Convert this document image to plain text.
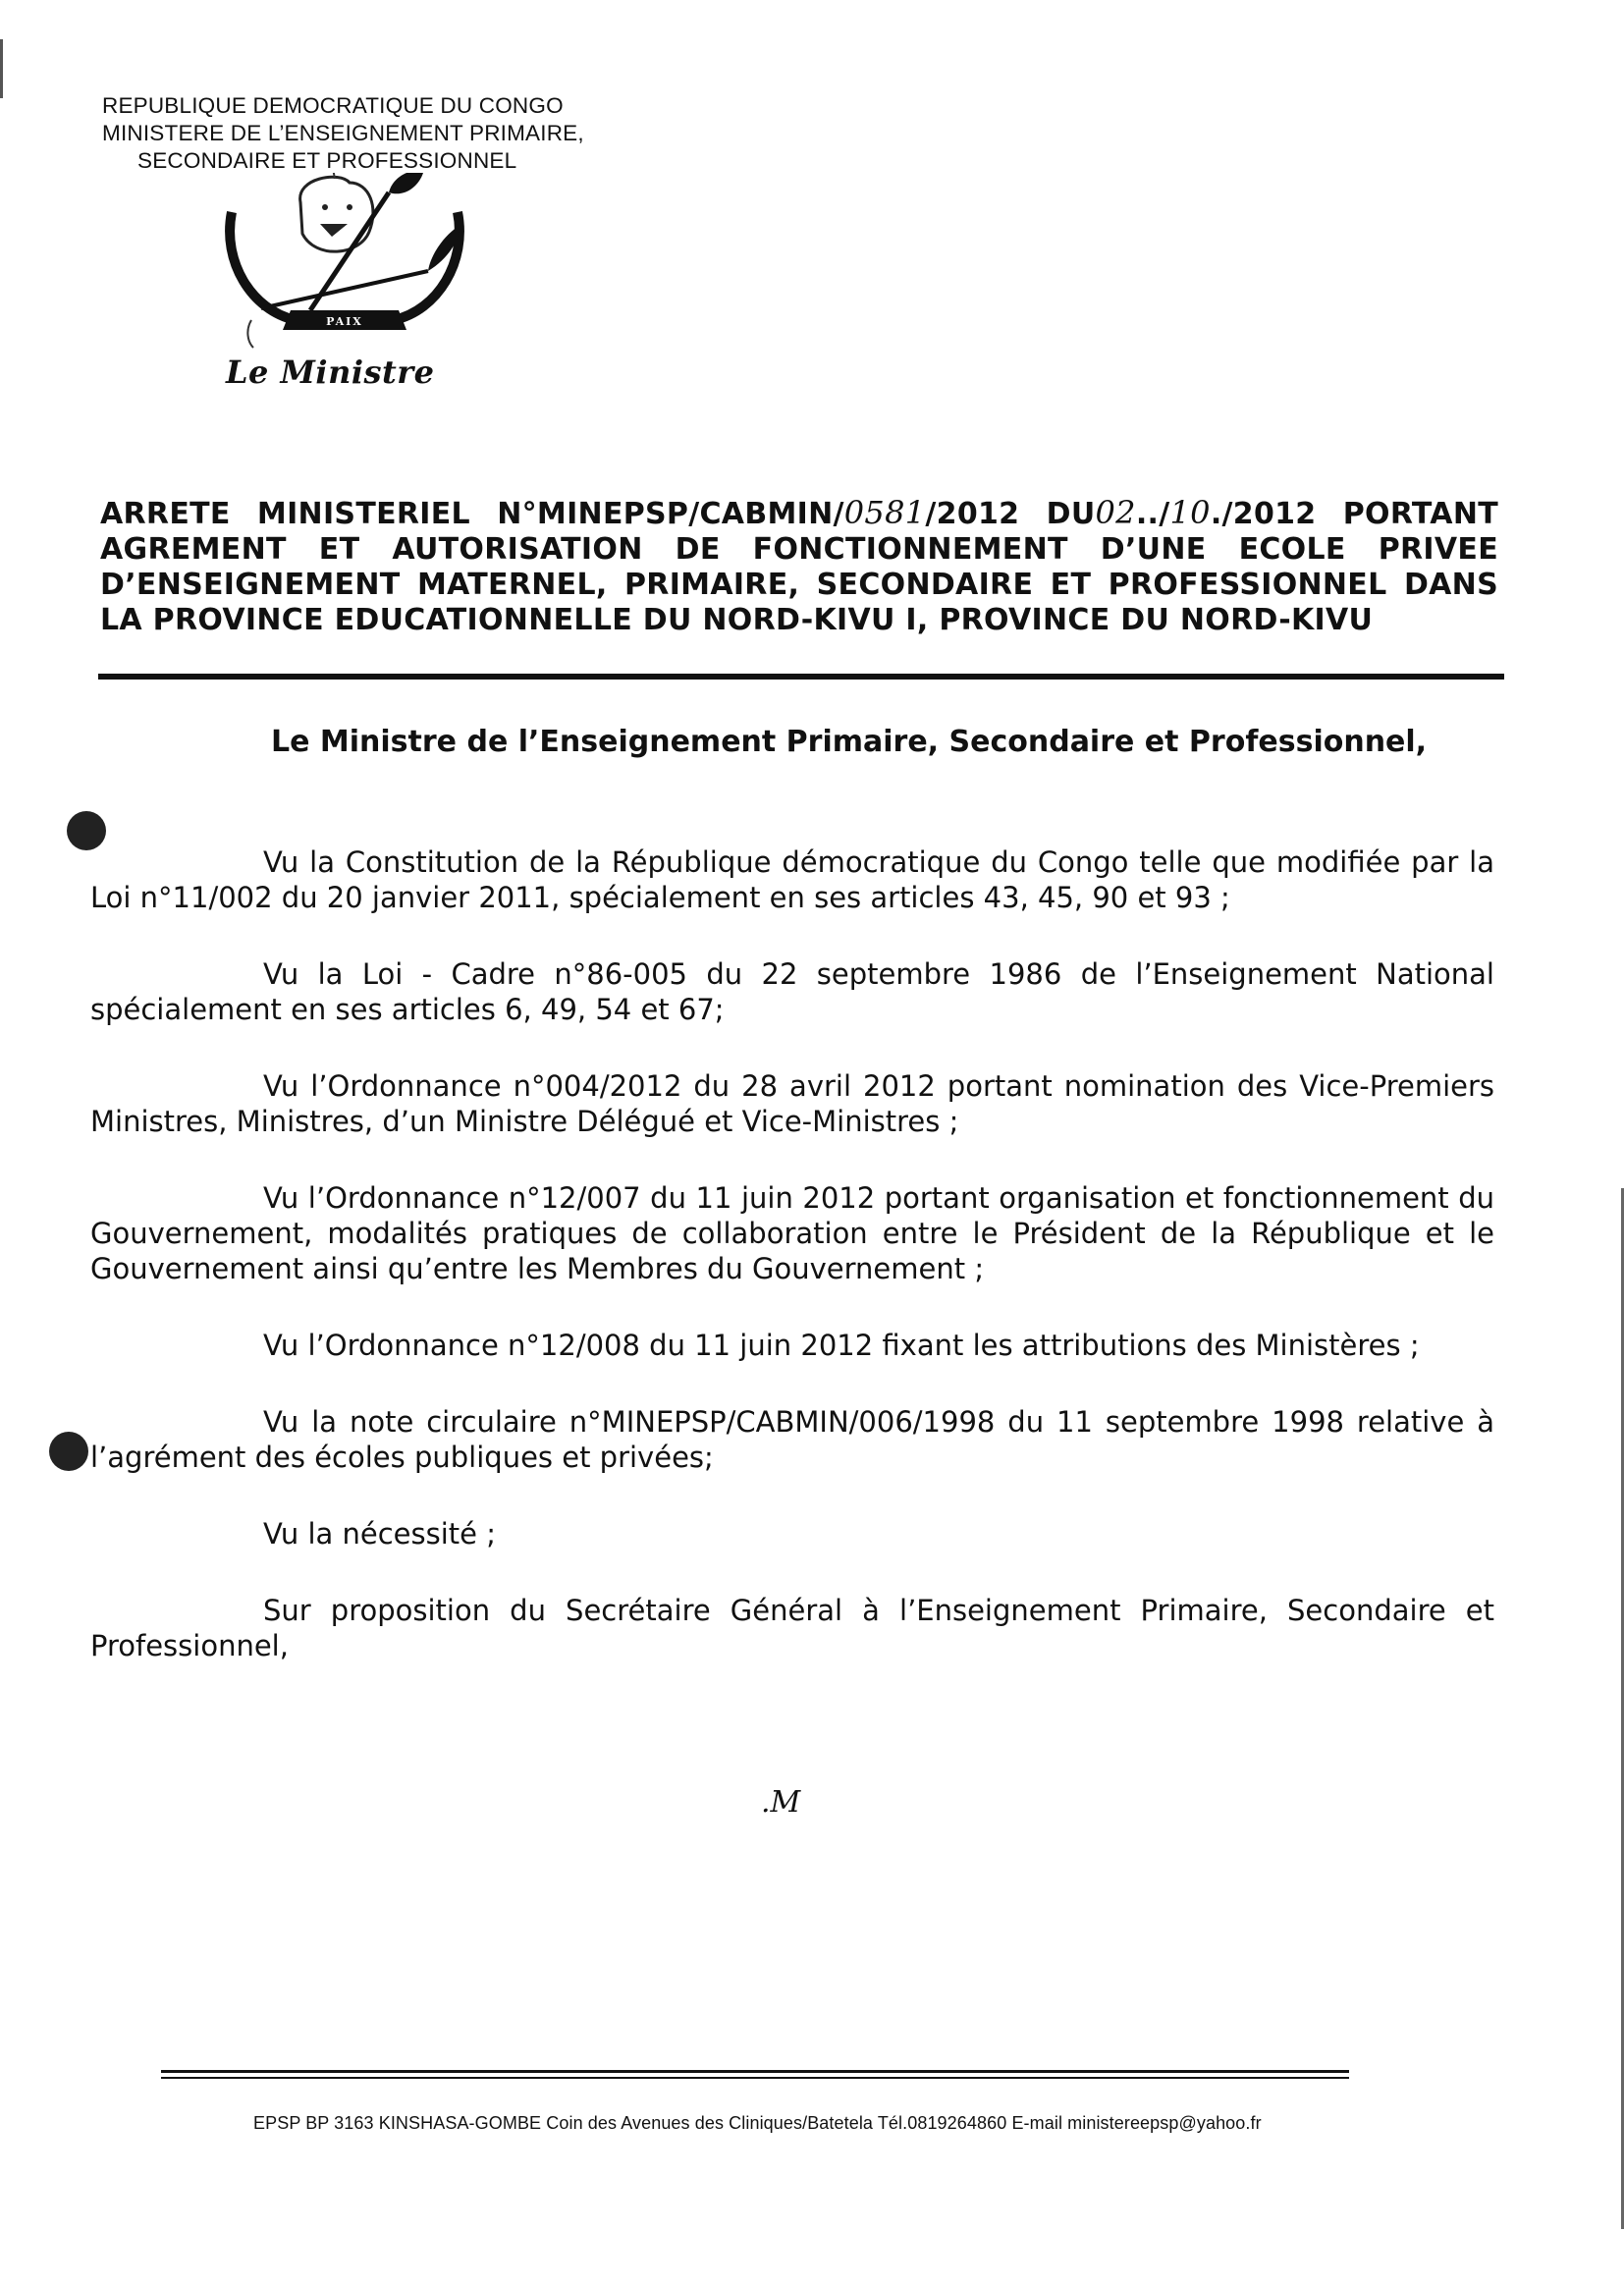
REPUBLIQUE DEMOCRATIQUE DU CONGO
MINISTERE DE L’ENSEIGNEMENT PRIMAIRE,
SECONDAIRE ET PROFESSIONNEL
PAIX
Le Ministre
ARRETE MINISTERIEL N°MINEPSP/CABMIN/0581/2012 DU02../10./2012 PORTANT
AGREMENT ET AUTORISATION DE FONCTIONNEMENT D’UNE ECOLE PRIVEE
D’ENSEIGNEMENT MATERNEL, PRIMAIRE, SECONDAIRE ET PROFESSIONNEL DANS
LA PROVINCE EDUCATIONNELLE DU NORD-KIVU I, PROVINCE DU NORD-KIVU
Le Ministre de l’Enseignement Primaire, Secondaire et Professionnel,

Vu la Constitution de la République démocratique du Congo telle que modifiée par la Loi n°11/002 du 20 janvier 2011, spécialement en ses articles 43, 45, 90 et 93 ;

Vu la Loi - Cadre n°86-005 du 22 septembre 1986 de l’Enseignement National spécialement en ses articles 6, 49, 54 et 67;

Vu l’Ordonnance n°004/2012 du 28 avril 2012 portant nomination des Vice-Premiers Ministres, Ministres, d’un Ministre Délégué et Vice-Ministres ;

Vu l’Ordonnance n°12/007 du 11 juin 2012 portant organisation et fonctionnement du Gouvernement, modalités pratiques de collaboration entre le Président de la République et le Gouvernement ainsi qu’entre les Membres du Gouvernement ;

Vu l’Ordonnance n°12/008 du 11 juin 2012 fixant les attributions des Ministères ;

Vu la note circulaire n°MINEPSP/CABMIN/006/1998 du 11 septembre 1998 relative à l’agrément des écoles publiques et privées;

Vu la nécessité ;

Sur proposition du Secrétaire Général à l’Enseignement Primaire, Secondaire et Professionnel,

.M
EPSP BP 3163 KINSHASA-GOMBE Coin des Avenues des Cliniques/Batetela Tél.0819264860 E-mail ministereepsp@yahoo.fr
